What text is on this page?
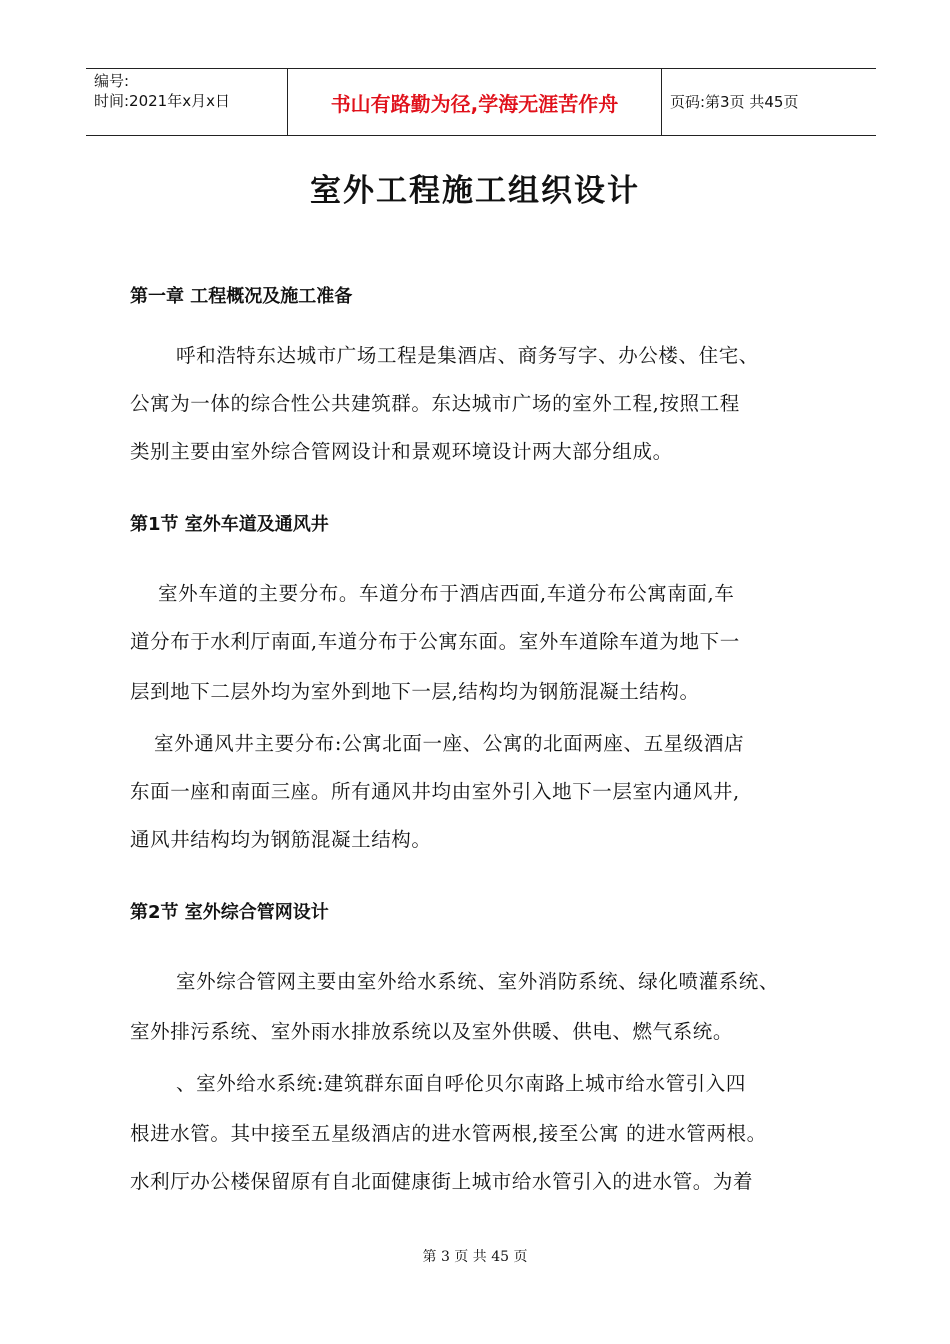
编号:
时间:2021年x月x日	书山有路勤为径,学海无涯苦作舟	页码:第3页 共45页
室外工程施工组织设计
第一章 工程概况及施工准备
呼和浩特东达城市广场工程是集酒店、商务写字、办公楼、住宅、
公寓为一体的综合性公共建筑群。东达城市广场的室外工程,按照工程
类别主要由室外综合管网设计和景观环境设计两大部分组成。
第1节 室外车道及通风井
室外车道的主要分布。车道分布于酒店西面,车道分布公寓南面,车
道分布于水利厅南面,车道分布于公寓东面。室外车道除车道为地下一
层到地下二层外均为室外到地下一层,结构均为钢筋混凝土结构。
室外通风井主要分布:公寓北面一座、公寓的北面两座、五星级酒店
东面一座和南面三座。所有通风井均由室外引入地下一层室内通风井,
通风井结构均为钢筋混凝土结构。
第2节 室外综合管网设计
室外综合管网主要由室外给水系统、室外消防系统、绿化喷灌系统、
室外排污系统、室外雨水排放系统以及室外供暖、供电、燃气系统。
、室外给水系统:建筑群东面自呼伦贝尔南路上城市给水管引入四
根进水管。其中接至五星级酒店的进水管两根,接至公寓 的进水管两根。
水利厅办公楼保留原有自北面健康街上城市给水管引入的进水管。为着
第 3 页 共 45 页
